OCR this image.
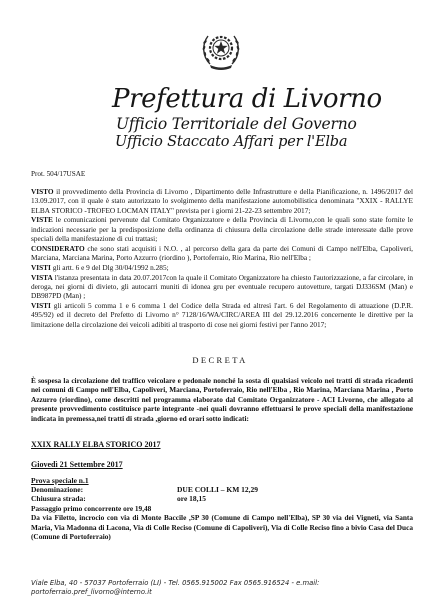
Prefettura di Livorno
Ufficio Territoriale del Governo
Ufficio Staccato Affari per l'Elba
Prot. 504/17USAE

VISTO il provvedimento della Provincia di Livorno , Dipartimento delle Infrastrutture e della Pianificazione, n. 1496/2017 del 13.09.2017, con il quale è stato autorizzato lo svolgimento della manifestazione automobilistica denominata "XXIX - RALLYE ELBA STORICO -TROFEO LOCMAN ITALY" prevista per i giorni 21-22-23 settembre 2017;

VISTE le comunicazioni pervenute dal Comitato Organizzatore e della Provincia di Livorno,con le quali sono state fornite le indicazioni necessarie per la predisposizione della ordinanza di chiusura della circolazione delle strade interessate dalle prove speciali della manifestazione di cui trattasi;

CONSIDERATO che sono stati acquisiti i N.O. , al percorso della gara da parte dei Comuni di Campo nell'Elba, Capoliveri, Marciana, Marciana Marina, Porto Azzurro (riordino ), Portoferraio, Rio Marina, Rio nell'Elba ;

VISTI gli artt. 6 e 9 del Dlg 30/04/1992 n.285;

VISTA l'istanza presentata in data 20.07.2017con la quale il Comitato Organizzatore ha chiesto l'autorizzazione, a far circolare, in deroga, nei giorni di divieto, gli autocarri muniti di idonea gru per eventuale recupero autovetture, targati DJ336SM (Man) e DB987PD (Man) ;

VISTI gli articoli 5 comma 1 e 6 comma 1 del Codice della Strada ed altresì l'art. 6 del Regolamento di attuazione (D.P.R. 495/92) ed il decreto del Prefetto di Livorno n° 7128/16/WA/CIRC/AREA III del 29.12.2016 concernente le direttive per la limitazione della circolazione dei veicoli adibiti al trasporto di cose nei giorni festivi per l'anno 2017;

DECRETA
È sospesa la circolazione del traffico veicolare e pedonale nonché la sosta di qualsiasi veicolo nei tratti di strada ricadenti nei comuni di Campo nell'Elba, Capoliveri, Marciana, Portoferraio, Rio nell'Elba , Rio Marina, Marciana Marina , Porto Azzurro (riordino), come descritti nel programma elaborato dal Comitato Organizzatore - ACI Livorno, che allegato al presente provvedimento costituisce parte integrante -nei quali dovranno effettuarsi le prove speciali della manifestazione indicata in premessa,nei tratti di strada ,giorno ed orari sotto indicati:
XXIX RALLY ELBA STORICO 2017
Giovedì 21 Settembre 2017
Prova speciale n.1
Denominazione:	DUE COLLI – KM 12,29
Chiusura strada:	ore 18,15
Passaggio primo concorrente ore 19,48
Da via Filetto, incrocio con via di Monte Baccile ,SP 30 (Comune di Campo nell'Elba), SP 30 via dei Vigneti, via Santa Maria, Via Madonna di Lacona, Via di Colle Reciso (Comune di Capoliveri), Via di Colle Reciso fino a bivio Casa del Duca (Comune di Portoferraio)
Viale Elba, 40 - 57037 Portoferraio (LI) - Tel. 0565.915002 Fax 0565.916524 - e.mail:
portoferraio.pref_livorno@interno.it
